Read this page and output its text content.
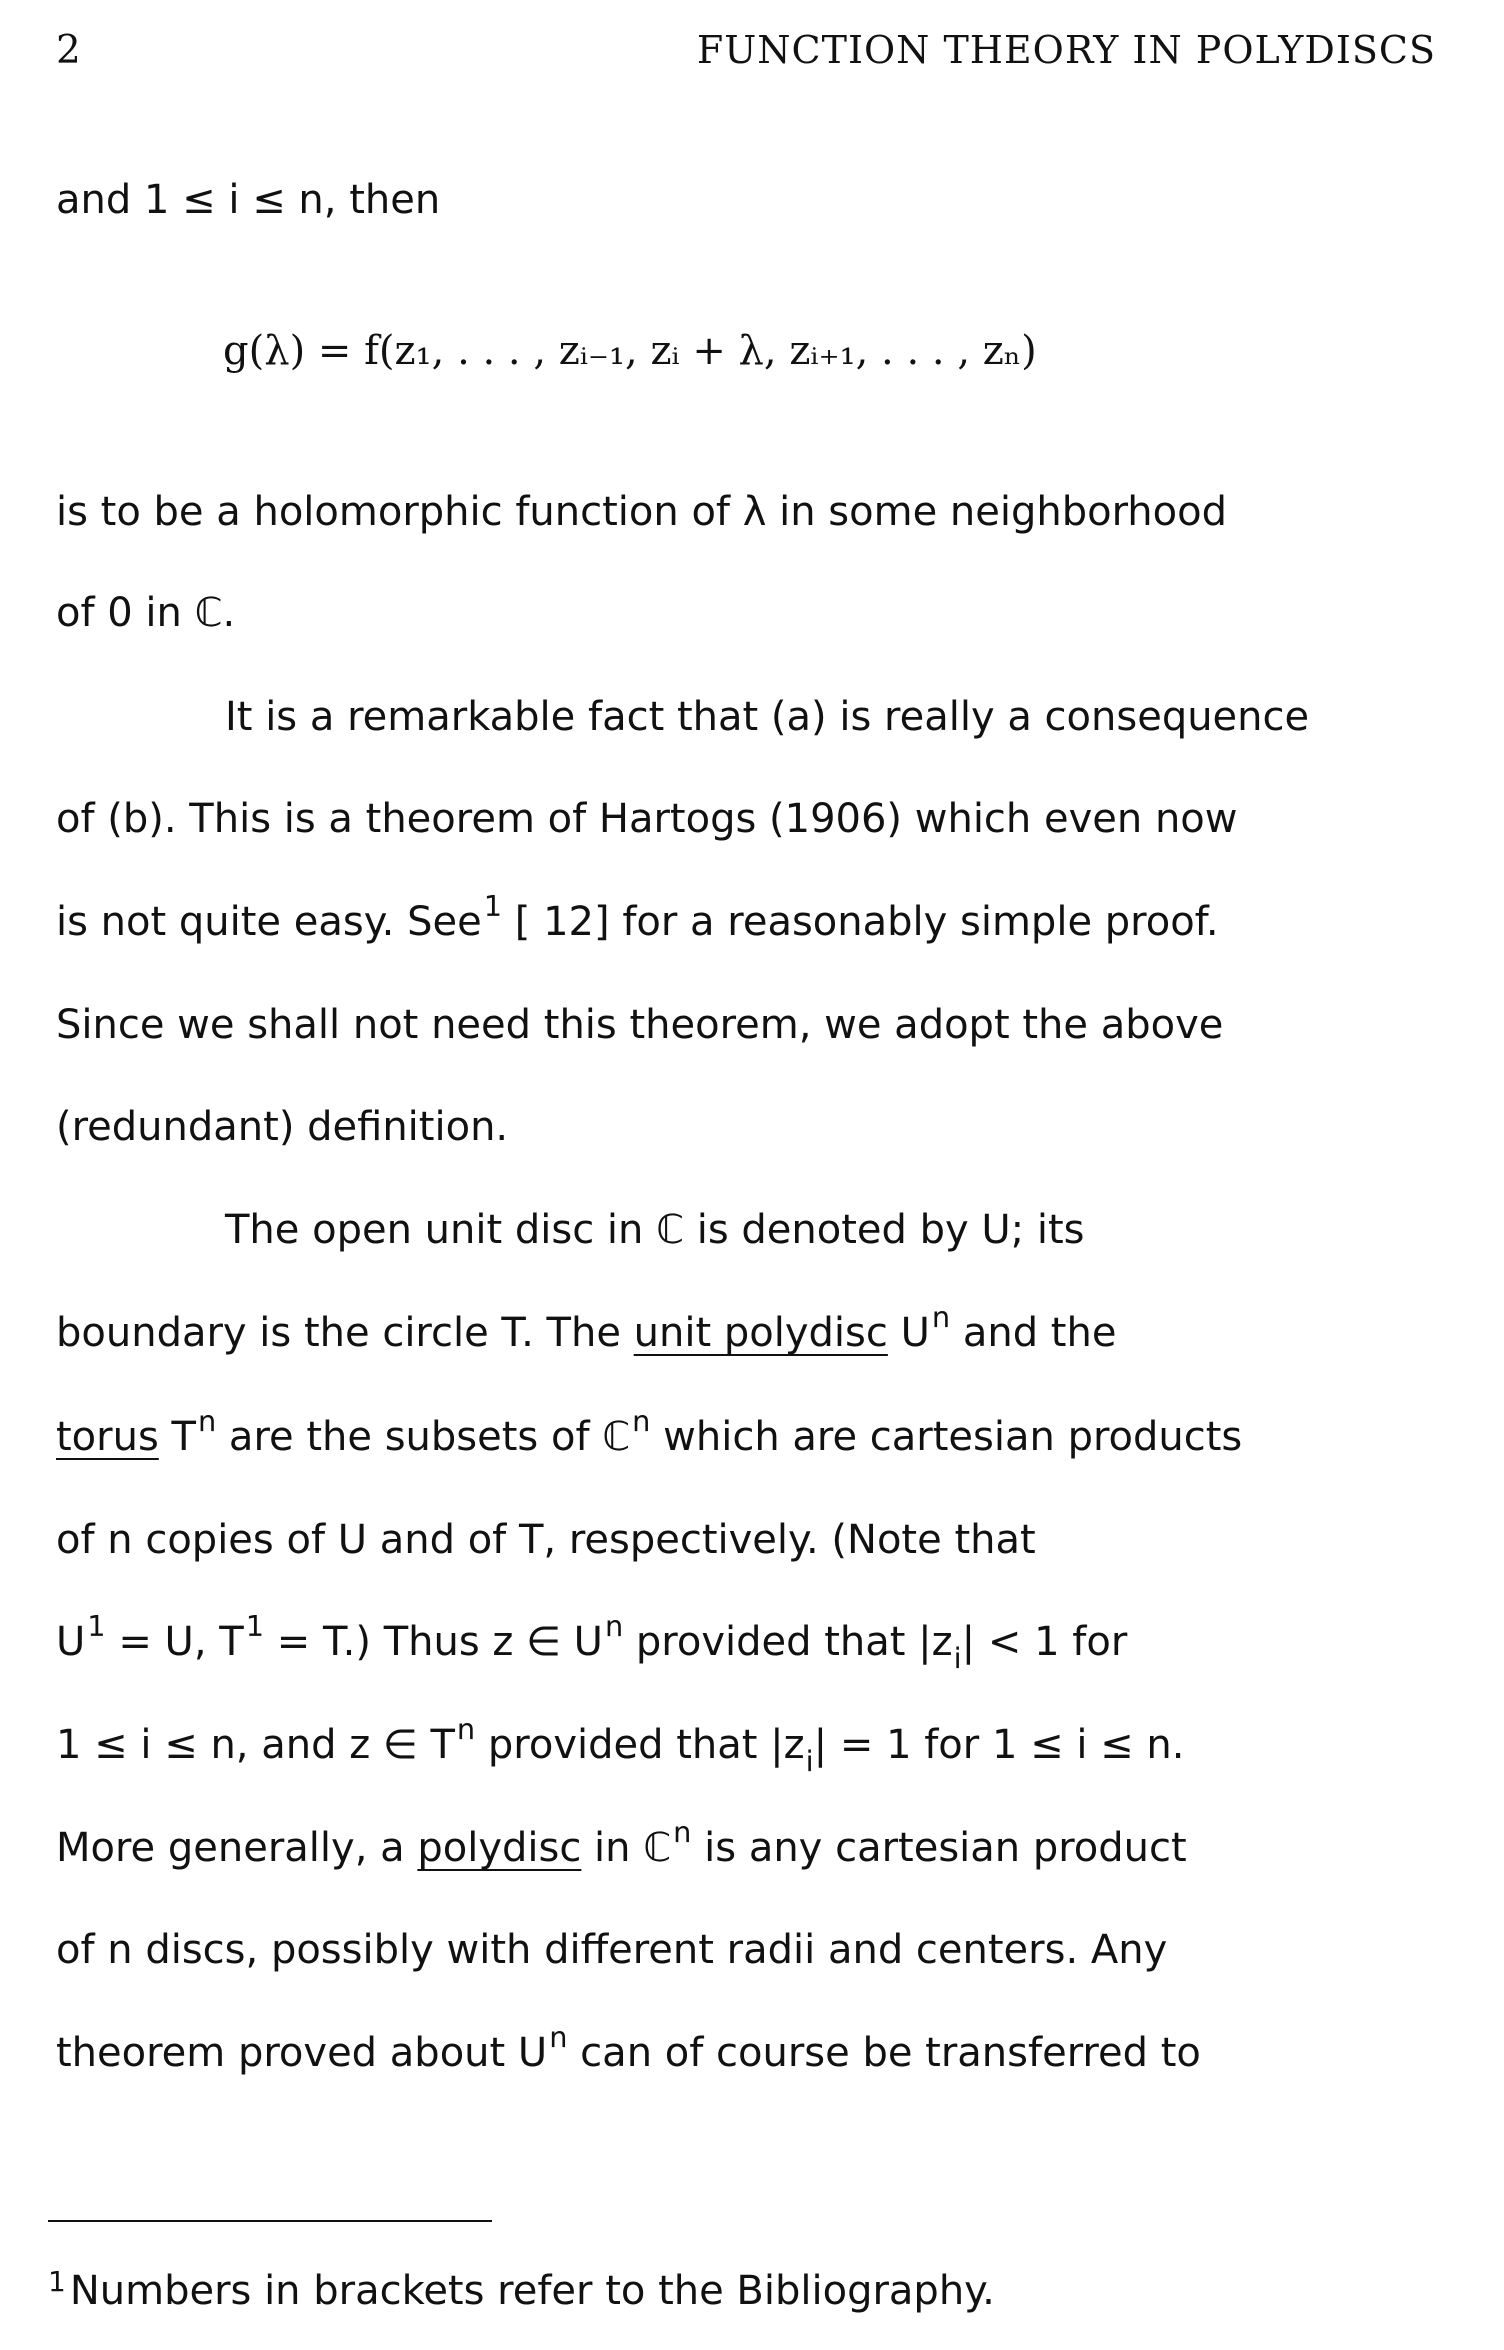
2	FUNCTION THEORY IN POLYDISCS
and 1 ≤ i ≤ n, then
g(λ) = f(z₁, . . . , zᵢ₋₁, zᵢ + λ, zᵢ₊₁, . . . , zₙ)
is to be a holomorphic function of λ in some neighborhood
of 0 in ℂ.
It is a remarkable fact that (a) is really a consequence
of (b). This is a theorem of Hartogs (1906) which even now
is not quite easy. See$^1$ [ 12] for a reasonably simple proof.
Since we shall not need this theorem, we adopt the above
(redundant) definition.
The open unit disc in ℂ is denoted by U; its
boundary is the circle T. The unit polydisc $U^n$ and the
torus $T^n$ are the subsets of ℂ$^n$ which are cartesian products
of n copies of U and of T, respectively. (Note that
$U^1 = U$, $T^1 = T$.) Thus z ∈ $U^n$ provided that $|z_i| < 1$ for
1 ≤ i ≤ n, and z ∈ $T^n$ provided that $|z_i| = 1$ for 1 ≤ i ≤ n.
More generally, a polydisc in ℂ$^n$ is any cartesian product
of n discs, possibly with different radii and centers. Any
theorem proved about $U^n$ can of course be transferred to
$^1$ Numbers in brackets refer to the Bibliography.
